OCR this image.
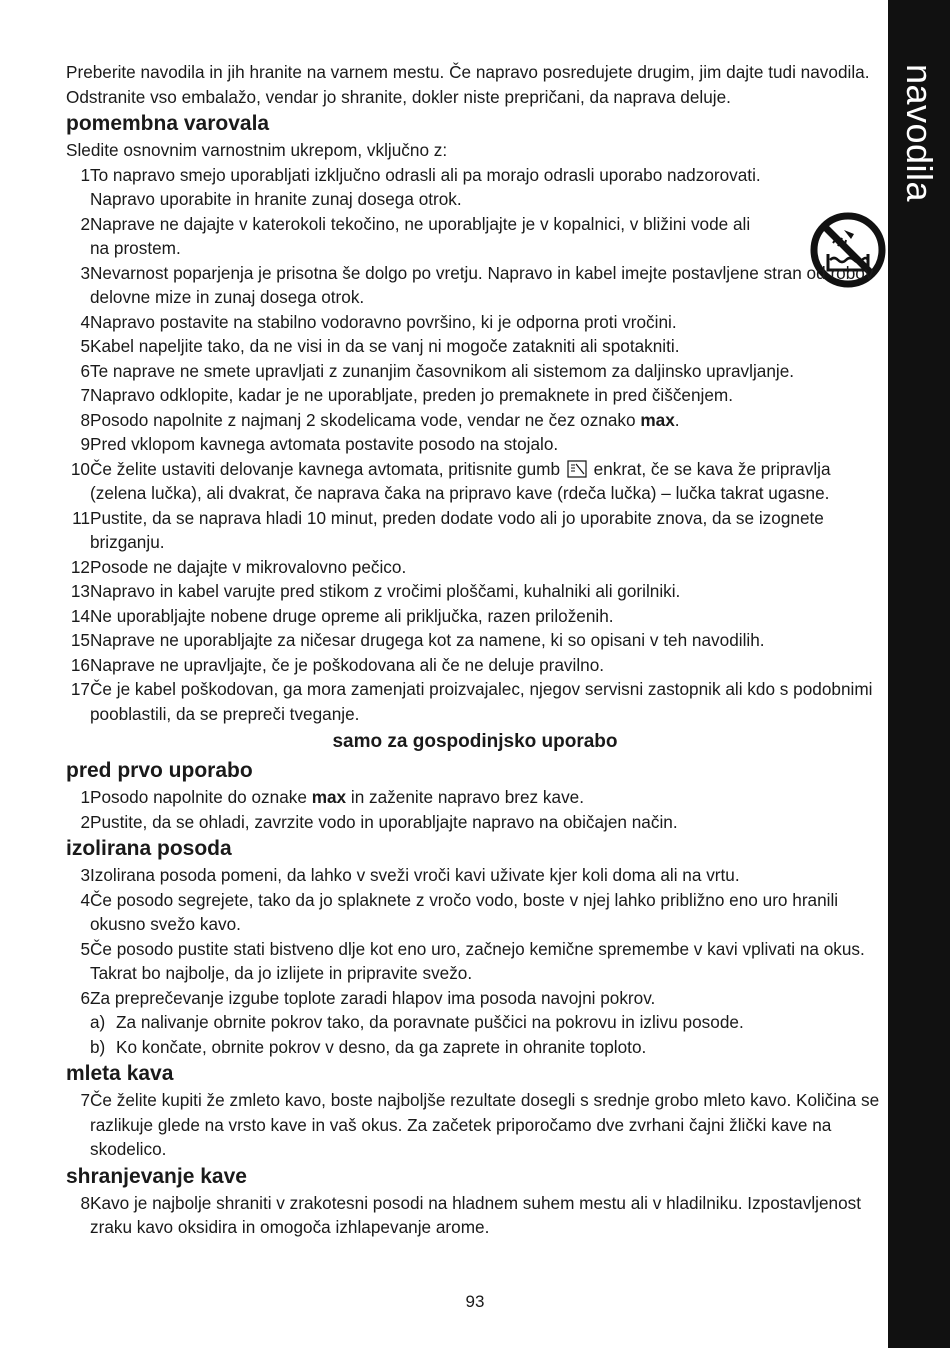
navodila

Preberite navodila in jih hranite na varnem mestu. Če napravo posredujete drugim, jim dajte tudi navodila. Odstranite vso embalažo, vendar jo shranite, dokler niste prepričani, da naprava deluje.

pomembna varovala

Sledite osnovnim varnostnim ukrepom, vključno z:

1 To napravo smejo uporabljati izključno odrasli ali pa morajo odrasli uporabo nadzorovati. Napravo uporabite in hranite zunaj dosega otrok.
2 Naprave ne dajajte v katerokoli tekočino, ne uporabljajte je v kopalnici, v bližini vode ali na prostem.
3 Nevarnost poparjenja je prisotna še dolgo po vretju. Napravo in kabel imejte postavljene stran od robov delovne mize in zunaj dosega otrok.
4 Napravo postavite na stabilno vodoravno površino, ki je odporna proti vročini.
5 Kabel napeljite tako, da ne visi in da se vanj ni mogoče zatakniti ali spotakniti.
6 Te naprave ne smete upravljati z zunanjim časovnikom ali sistemom za daljinsko upravljanje.
7 Napravo odklopite, kadar je ne uporabljate, preden jo premaknete in pred čiščenjem.
8 Posodo napolnite z najmanj 2 skodelicama vode, vendar ne čez oznako max.
9 Pred vklopom kavnega avtomata postavite posodo na stojalo.
10 Če želite ustaviti delovanje kavnega avtomata, pritisnite gumb enkrat, če se kava že pripravlja (zelena lučka), ali dvakrat, če naprava čaka na pripravo kave (rdeča lučka) – lučka takrat ugasne.
11 Pustite, da se naprava hladi 10 minut, preden dodate vodo ali jo uporabite znova, da se izognete brizganju.
12 Posode ne dajajte v mikrovalovno pečico.
13 Napravo in kabel varujte pred stikom z vročimi ploščami, kuhalniki ali gorilniki.
14 Ne uporabljajte nobene druge opreme ali priključka, razen priloženih.
15 Naprave ne uporabljajte za ničesar drugega kot za namene, ki so opisani v teh navodilih.
16 Naprave ne upravljajte, če je poškodovana ali če ne deluje pravilno.
17 Če je kabel poškodovan, ga mora zamenjati proizvajalec, njegov servisni zastopnik ali kdo s podobnimi pooblastili, da se prepreči tveganje.

samo za gospodinjsko uporabo

pred prvo uporabo
1 Posodo napolnite do oznake max in zaženite napravo brez kave.
2 Pustite, da se ohladi, zavrzite vodo in uporabljajte napravo na običajen način.
izolirana posoda
3 Izolirana posoda pomeni, da lahko v sveži vroči kavi uživate kjer koli doma ali na vrtu.
4 Če posodo segrejete, tako da jo splaknete z vročo vodo, boste v njej lahko približno eno uro hranili okusno svežo kavo.
5 Če posodo pustite stati bistveno dlje kot eno uro, začnejo kemične spremembe v kavi vplivati na okus. Takrat bo najbolje, da jo izlijete in pripravite svežo.
6 Za preprečevanje izgube toplote zaradi hlapov ima posoda navojni pokrov.
a) Za nalivanje obrnite pokrov tako, da poravnate puščici na pokrovu in izlivu posode.
b) Ko končate, obrnite pokrov v desno, da ga zaprete in ohranite toploto.
mleta kava
7 Če želite kupiti že zmleto kavo, boste najboljše rezultate dosegli s srednje grobo mleto kavo. Količina se razlikuje glede na vrsto kave in vaš okus. Za začetek priporočamo dve zvrhani čajni žlički kave na skodelico.
shranjevanje kave
8 Kavo je najbolje shraniti v zrakotesni posodi na hladnem suhem mestu ali v hladilniku. Izpostavljenost zraku kavo oksidira in omogoča izhlapevanje arome.
93
